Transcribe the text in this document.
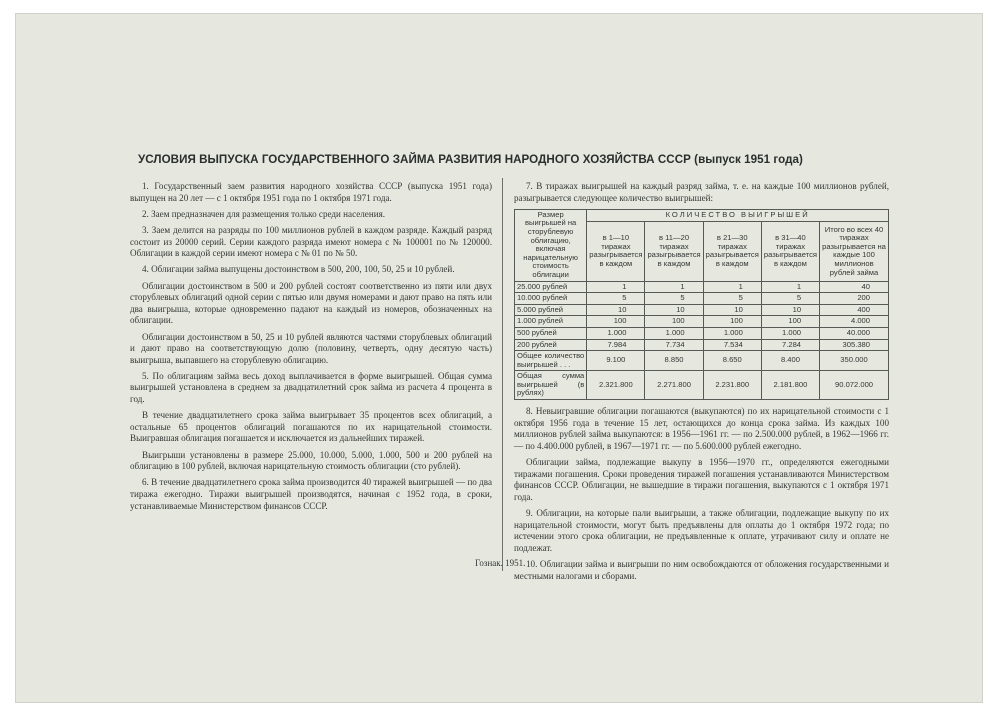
УСЛОВИЯ ВЫПУСКА ГОСУДАРСТВЕННОГО ЗАЙМА РАЗВИТИЯ НАРОДНОГО ХОЗЯЙСТВА СССР (выпуск 1951 года)

1. Государственный заем развития народного хозяйства СССР (выпуска 1951 года) выпущен на 20 лет — с 1 октября 1951 года по 1 октября 1971 года.

2. Заем предназначен для размещения только среди населения.

3. Заем делится на разряды по 100 миллионов рублей в каждом разряде. Каждый разряд состоит из 20000 серий. Серии каждого разряда имеют номера с № 100001 по № 120000. Облигации в каждой серии имеют номера с № 01 по № 50.

4. Облигации займа выпущены достоинством в 500, 200, 100, 50, 25 и 10 рублей.

Облигации достоинством в 500 и 200 рублей состоят соответственно из пяти или двух сторублевых облигаций одной серии с пятью или двумя номерами и дают право на пять или два выигрыша, которые одновременно падают на каждый из номеров, обозначенных на облигации.

Облигации достоинством в 50, 25 и 10 рублей являются частями сторублевых облигаций и дают право на соответствующую долю (половину, четверть, одну десятую часть) выигрыша, выпавшего на сторублевую облигацию.

5. По облигациям займа весь доход выплачивается в форме выигрышей. Общая сумма выигрышей установлена в среднем за двадцатилетний срок займа из расчета 4 процента в год.

В течение двадцатилетнего срока займа выигрывает 35 процентов всех облигаций, а остальные 65 процентов облигаций погашаются по их нарицательной стоимости. Выигравшая облигация погашается и исключается из дальнейших тиражей.

Выигрыши установлены в размере 25.000, 10.000, 5.000, 1.000, 500 и 200 рублей на облигацию в 100 рублей, включая нарицательную стоимость облигации (сто рублей).

6. В течение двадцатилетнего срока займа производится 40 тиражей выигрышей — по два тиража ежегодно. Тиражи выигрышей производятся, начиная с 1952 года, в сроки, устанавливаемые Министерством финансов СССР.

Гознак. 1951.

7. В тиражах выигрышей на каждый разряд займа, т. е. на каждые 100 миллионов рублей, разыгрывается следующее количество выигрышей:

Размер выигрышей на сторублевую облигацию, включая нарицательную стоимость облигации	КОЛИЧЕСТВО ВЫИГРЫШЕЙ				
	в 1—10 тиражах разыгрывается в каждом	в 11—20 тиражах разыгрывается в каждом	в 21—30 тиражах разыгрывается в каждом	в 31—40 тиражах разыгрывается в каждом	Итого во всех 40 тиражах разыгрывается на каждые 100 миллионов рублей займа
25.000 рублей	1	1	1	1	40
10.000 рублей	5	5	5	5	200
5.000 рублей	10	10	10	10	400
1.000 рублей	100	100	100	100	4.000
500 рублей	1.000	1.000	1.000	1.000	40.000
200 рублей	7.984	7.734	7.534	7.284	305.380
Общее количество выигрышей . . .	9.100	8.850	8.650	8.400	350.000
Общая сумма выигрышей (в рублях)	2.321.800	2.271.800	2.231.800	2.181.800	90.072.000

8. Невыигравшие облигации погашаются (выкупаются) по их нарицательной стоимости с 1 октября 1956 года в течение 15 лет, остающихся до конца срока займа. Из каждых 100 миллионов рублей займа выкупаются: в 1956—1961 гг. — по 2.500.000 рублей, в 1962—1966 гг. — по 4.400.000 рублей, в 1967—1971 гг. — по 5.600.000 рублей ежегодно.

Облигации займа, подлежащие выкупу в 1956—1970 гг., определяются ежегодными тиражами погашения. Сроки проведения тиражей погашения устанавливаются Министерством финансов СССР. Облигации, не вышедшие в тиражи погашения, выкупаются с 1 октября 1971 года.

9. Облигации, на которые пали выигрыши, а также облигации, подлежащие выкупу по их нарицательной стоимости, могут быть предъявлены для оплаты до 1 октября 1972 года; по истечении этого срока облигации, не предъявленные к оплате, утрачивают силу и оплате не подлежат.

10. Облигации займа и выигрыши по ним освобождаются от обложения государственными и местными налогами и сборами.
